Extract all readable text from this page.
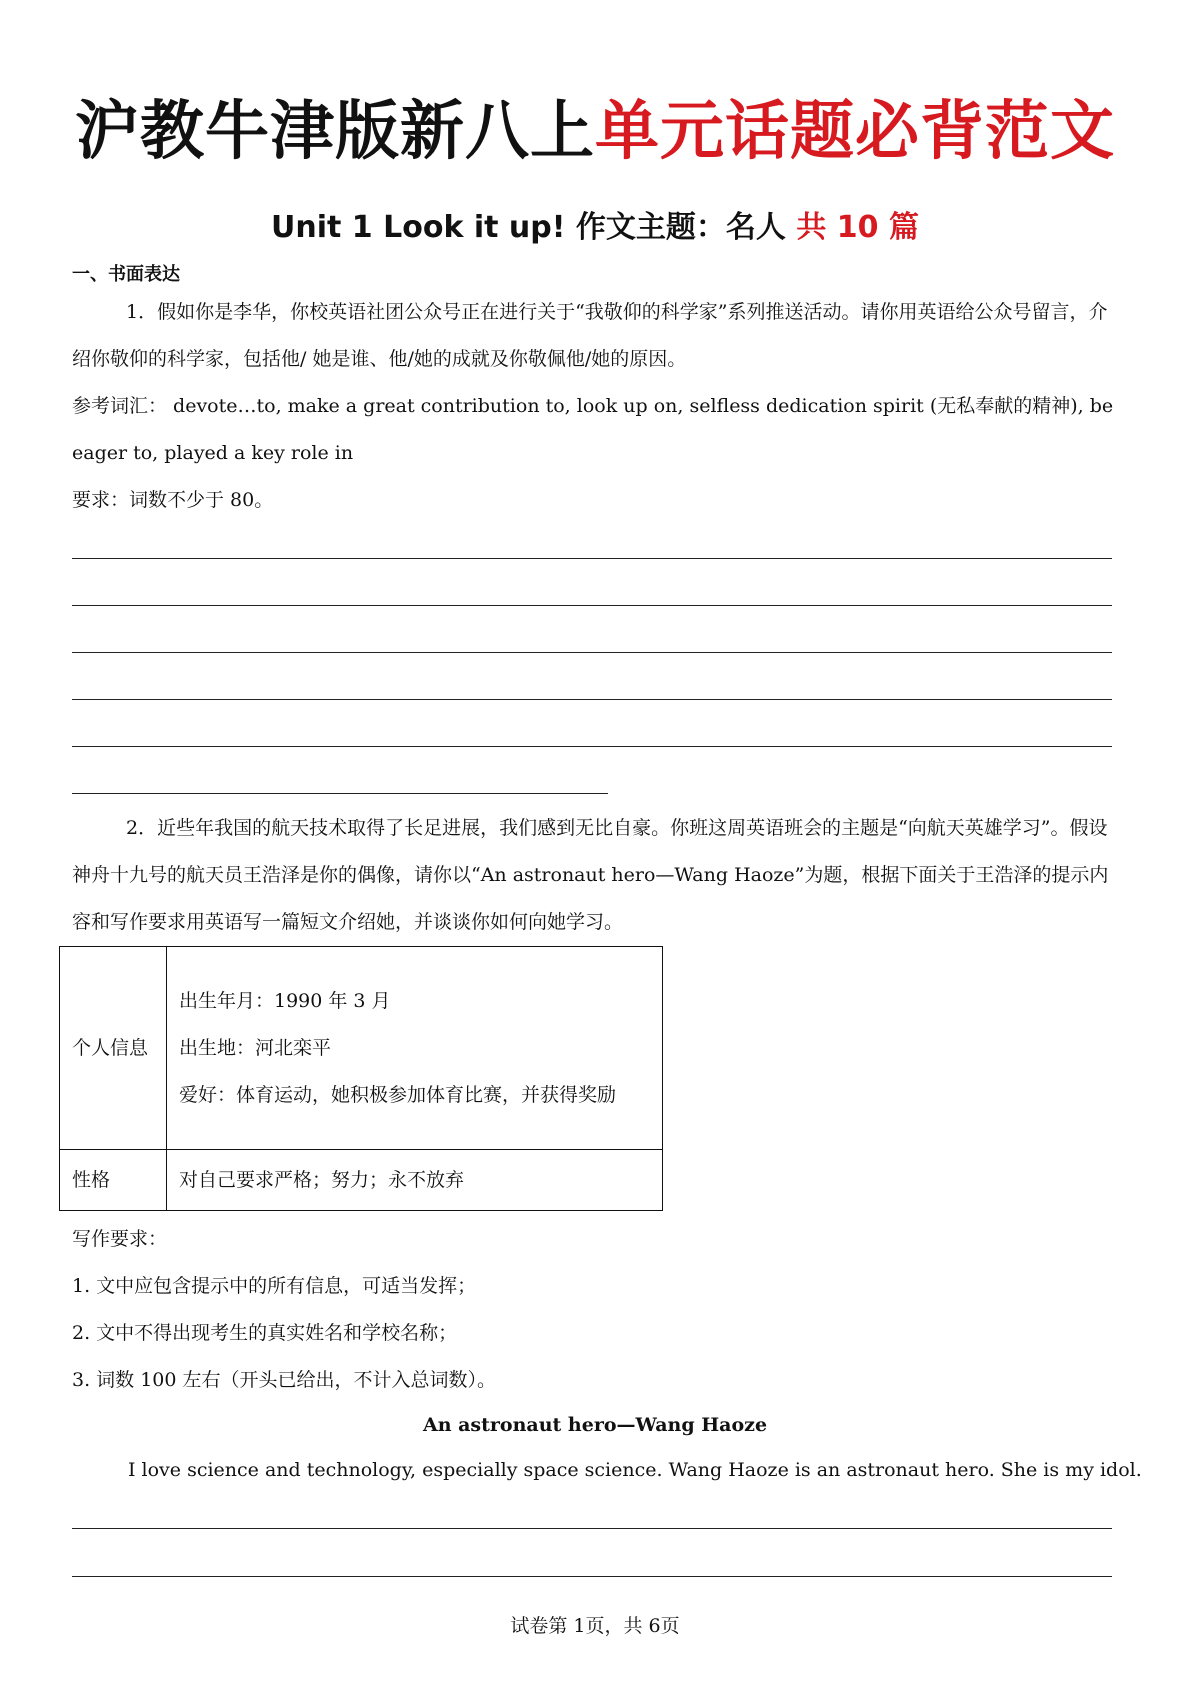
沪教牛津版新八上单元话题必背范文
Unit 1 Look it up! 作文主题：名人 共 10 篇
一、书面表达
1．假如你是李华，你校英语社团公众号正在进行关于“我敬仰的科学家”系列推送活动。请你用英语给公众号留言，介绍你敬仰的科学家，包括他/ 她是谁、他/她的成就及你敬佩他/她的原因。
参考词汇： devote…to, make a great contribution to, look up on, selfless dedication spirit (无私奉献的精神), be eager to, played a key role in
要求：词数不少于 80。
2．近些年我国的航天技术取得了长足进展，我们感到无比自豪。你班这周英语班会的主题是“向航天英雄学习”。假设神舟十九号的航天员王浩泽是你的偶像，请你以“An astronaut hero—Wang Haoze”为题，根据下面关于王浩泽的提示内容和写作要求用英语写一篇短文介绍她，并谈谈你如何向她学习。
个人信息	出生年月：1990 年 3 月
出生地：河北栾平
爱好：体育运动，她积极参加体育比赛，并获得奖励

性格	对自己要求严格；努力；永不放弃
写作要求：
1. 文中应包含提示中的所有信息，可适当发挥；
2. 文中不得出现考生的真实姓名和学校名称；
3. 词数 100 左右（开头已给出，不计入总词数）。
An astronaut hero—Wang Haoze
I love science and technology, especially space science. Wang Haoze is an astronaut hero. She is my idol.
试卷第 1页，共 6页
